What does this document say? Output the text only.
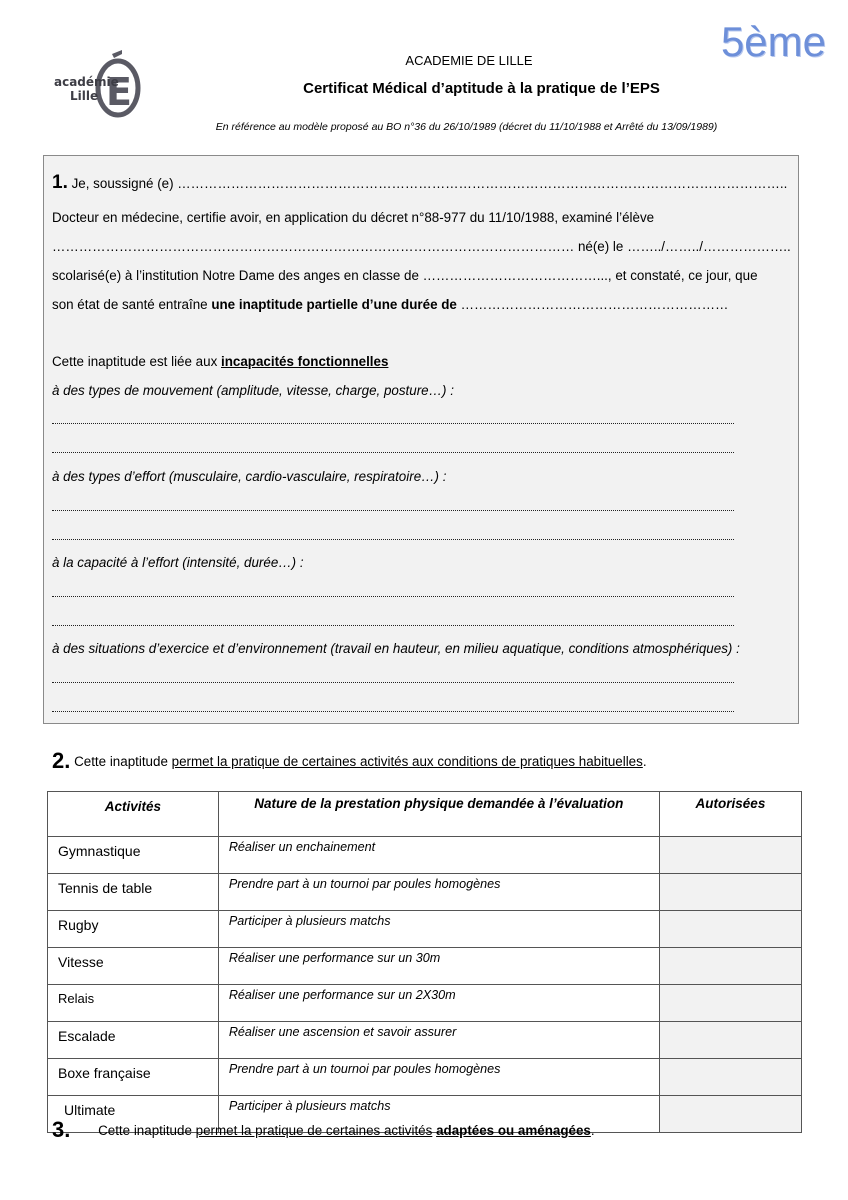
E
académie
Lille
5ème
ACADEMIE DE LILLE
Certificat Médical d’aptitude à la pratique de l’EPS
En référence au modèle proposé au BO n°36 du 26/10/1989 (décret du 11/10/1988 et Arrêté du 13/09/1989)
1. Je, soussigné (e) ………………………………………………………………………………………………………………………..
Docteur en médecine, certifie avoir, en application du décret n°88-977 du 11/10/1988, examiné l’élève
……………………………………………………………………………………………………… né(e) le ……../……../………………..
scolarisé(e) à l’institution Notre Dame des anges en classe de …………………………………..., et constaté, ce jour, que
son état de santé entraîne une inaptitude partielle d’une durée de ……………………………………………………
Cette inaptitude est liée aux incapacités fonctionnelles
à des types de mouvement (amplitude, vitesse, charge, posture…) :
à des types d’effort (musculaire, cardio-vasculaire, respiratoire…) :
à la capacité à l’effort (intensité, durée…) :
à des situations d’exercice et d’environnement (travail en hauteur, en milieu aquatique, conditions atmosphériques) :
2. Cette inaptitude permet la pratique de certaines activités aux conditions de pratiques habituelles.
Activités	Nature de la prestation physique demandée à l’évaluation	Autorisées
Gymnastique	Réaliser un enchainement	
Tennis de table	Prendre part à un tournoi par poules homogènes	
Rugby	Participer à plusieurs matchs	
Vitesse	Réaliser une performance sur un 30m	
Relais	Réaliser une performance sur un 2X30m	
Escalade	Réaliser une ascension et savoir assurer	
Boxe française	Prendre part à un tournoi par poules homogènes	
Ultimate	Participer à plusieurs matchs	
3. Cette inaptitude permet la pratique de certaines activités adaptées ou aménagées.
